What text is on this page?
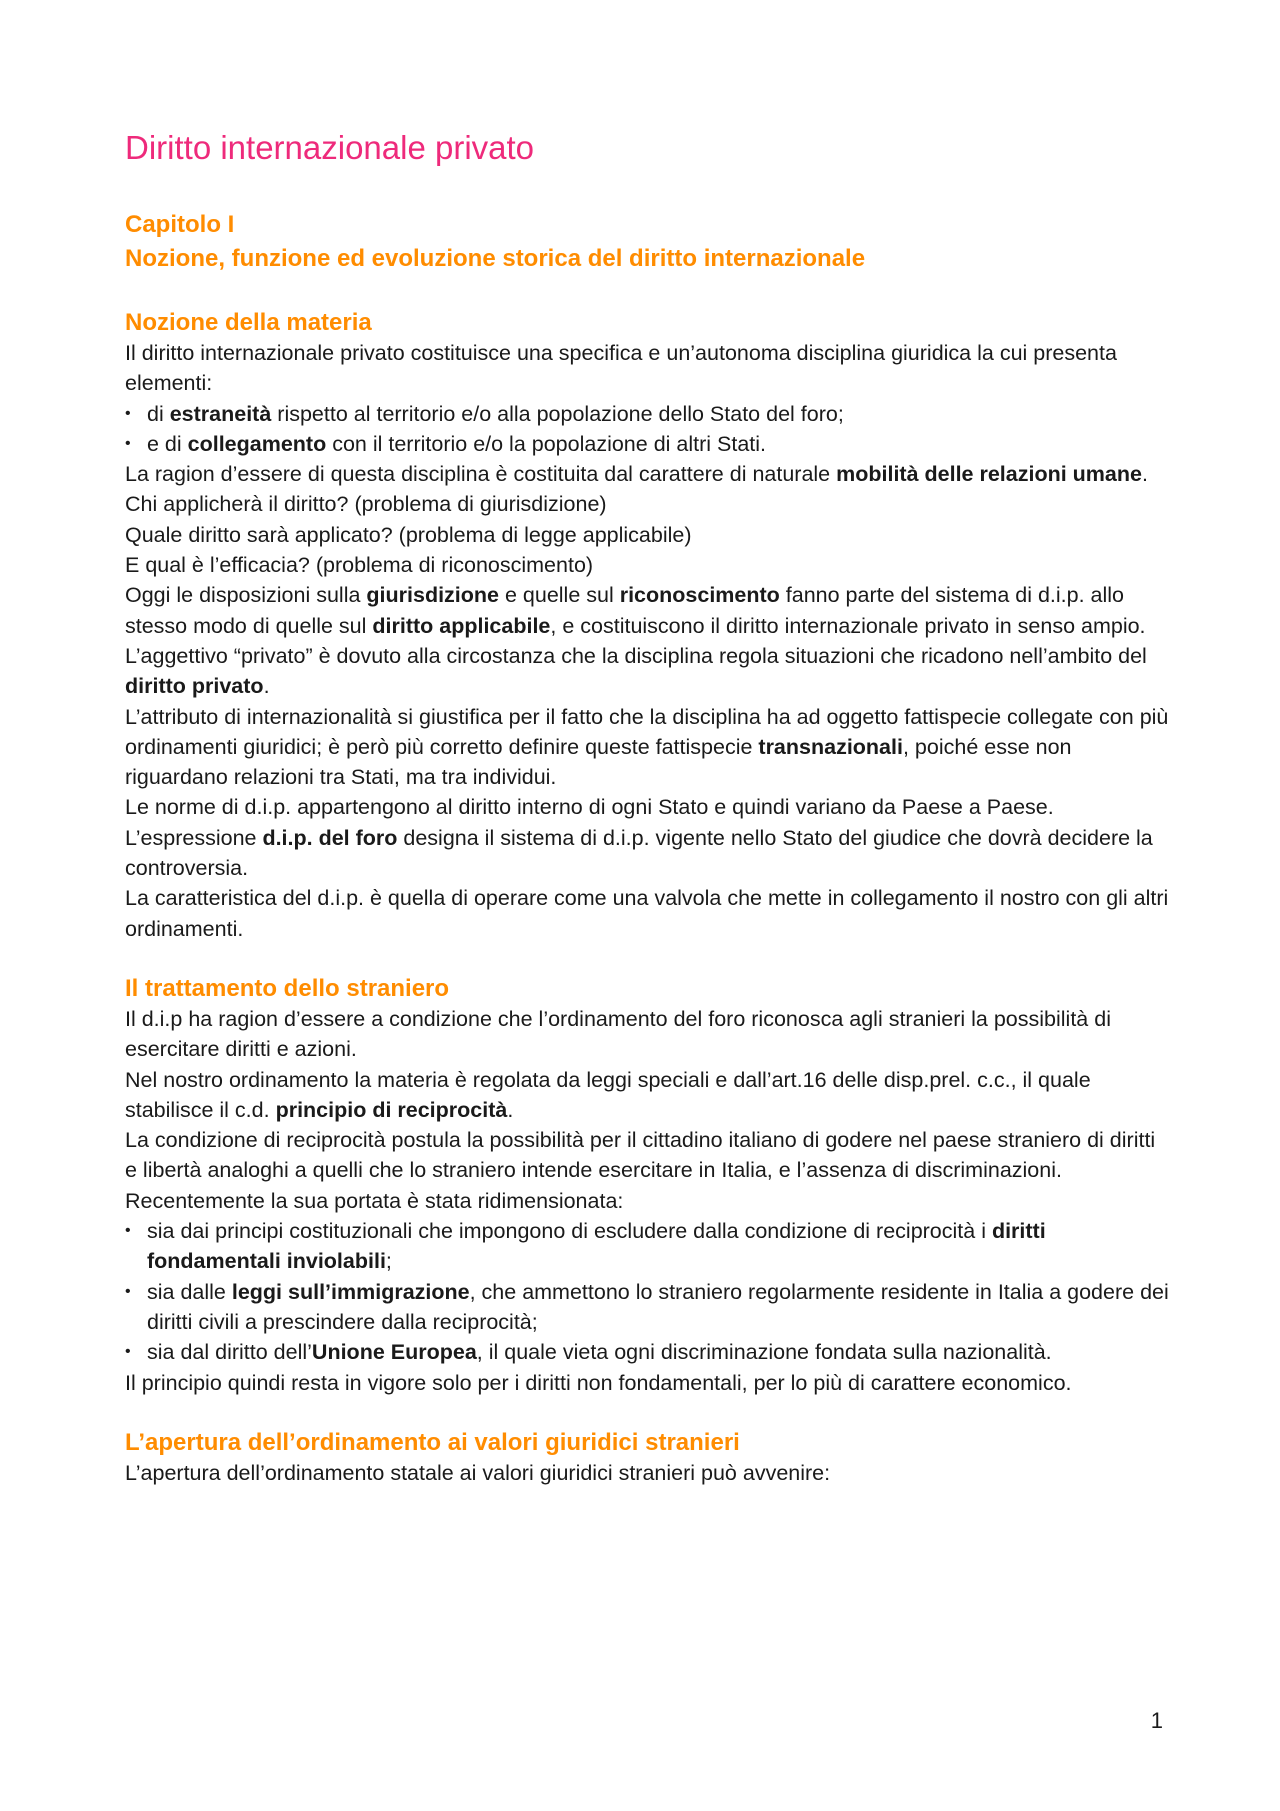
Diritto internazionale privato
Capitolo I
Nozione, funzione ed evoluzione storica del diritto internazionale
Nozione della materia

Il diritto internazionale privato costituisce una specifica e un’autonoma disciplina giuridica la cui presenta elementi:

• di estraneità rispetto al territorio e/o alla popolazione dello Stato del foro;
• e di collegamento con il territorio e/o la popolazione di altri Stati.

La ragion d’essere di questa disciplina è costituita dal carattere di naturale mobilità delle relazioni umane.

Chi applicherà il diritto? (problema di giurisdizione)

Quale diritto sarà applicato? (problema di legge applicabile)

E qual è l’efficacia? (problema di riconoscimento)

Oggi le disposizioni sulla giurisdizione e quelle sul riconoscimento fanno parte del sistema di d.i.p. allo stesso modo di quelle sul diritto applicabile, e costituiscono il diritto internazionale privato in senso ampio.

L’aggettivo “privato” è dovuto alla circostanza che la disciplina regola situazioni che ricadono nell’ambito del diritto privato.

L’attributo di internazionalità si giustifica per il fatto che la disciplina ha ad oggetto fattispecie collegate con più ordinamenti giuridici; è però più corretto definire queste fattispecie transnazionali, poiché esse non riguardano relazioni tra Stati, ma tra individui.

Le norme di d.i.p. appartengono al diritto interno di ogni Stato e quindi variano da Paese a Paese.

L’espressione d.i.p. del foro designa il sistema di d.i.p. vigente nello Stato del giudice che dovrà decidere la controversia.

La caratteristica del d.i.p. è quella di operare come una valvola che mette in collegamento il nostro con gli altri ordinamenti.

Il trattamento dello straniero

Il d.i.p ha ragion d’essere a condizione che l’ordinamento del foro riconosca agli stranieri la possibilità di esercitare diritti e azioni.

Nel nostro ordinamento la materia è regolata da leggi speciali e dall’art.16 delle disp.prel. c.c., il quale stabilisce il c.d. principio di reciprocità.

La condizione di reciprocità postula la possibilità per il cittadino italiano di godere nel paese straniero di diritti e libertà analoghi a quelli che lo straniero intende esercitare in Italia, e l’assenza di discriminazioni.

Recentemente la sua portata è stata ridimensionata:

• sia dai principi costituzionali che impongono di escludere dalla condizione di reciprocità i diritti fondamentali inviolabili;
• sia dalle leggi sull’immigrazione, che ammettono lo straniero regolarmente residente in Italia a godere dei diritti civili a prescindere dalla reciprocità;
• sia dal diritto dell’Unione Europea, il quale vieta ogni discriminazione fondata sulla nazionalità.

Il principio quindi resta in vigore solo per i diritti non fondamentali, per lo più di carattere economico.

L’apertura dell’ordinamento ai valori giuridici stranieri

L’apertura dell’ordinamento statale ai valori giuridici stranieri può avvenire:

1
